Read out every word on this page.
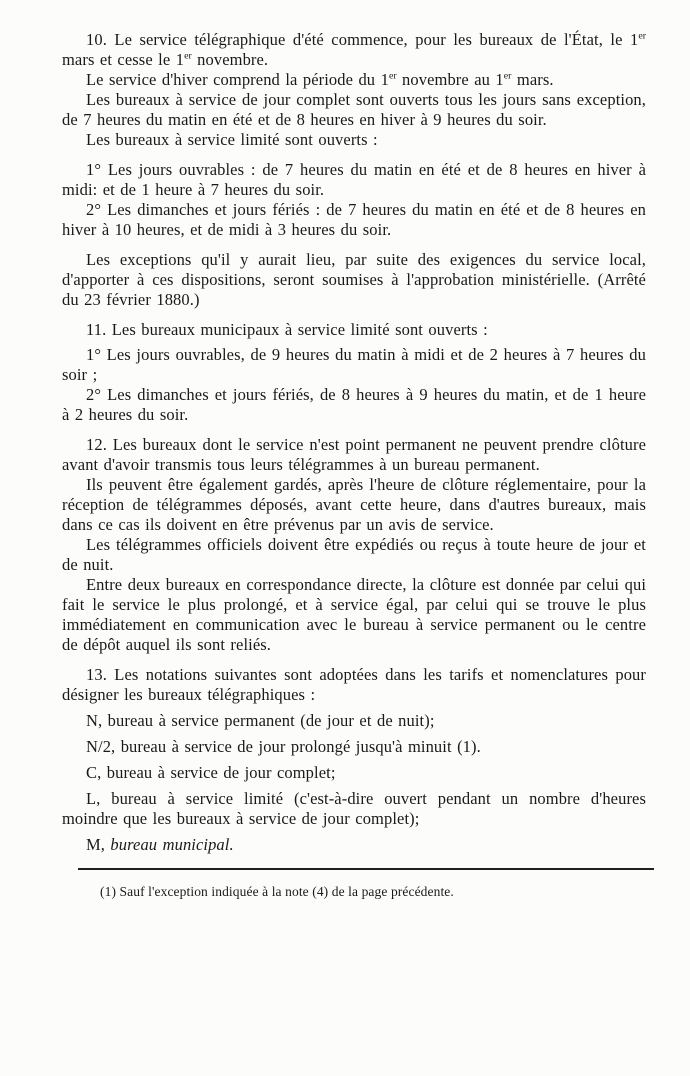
10. Le service télégraphique d'été commence, pour les bureaux de l'État, le 1er mars et cesse le 1er novembre.

Le service d'hiver comprend la période du 1er novembre au 1er mars.

Les bureaux à service de jour complet sont ouverts tous les jours sans exception, de 7 heures du matin en été et de 8 heures en hiver à 9 heures du soir.

Les bureaux à service limité sont ouverts :

1° Les jours ouvrables : de 7 heures du matin en été et de 8 heures en hiver à midi: et de 1 heure à 7 heures du soir.

2° Les dimanches et jours fériés : de 7 heures du matin en été et de 8 heures en hiver à 10 heures, et de midi à 3 heures du soir.

Les exceptions qu'il y aurait lieu, par suite des exigences du service local, d'apporter à ces dispositions, seront soumises à l'approbation ministérielle. (Arrêté du 23 février 1880.)

11. Les bureaux municipaux à service limité sont ouverts :

1° Les jours ouvrables, de 9 heures du matin à midi et de 2 heures à 7 heures du soir ;

2° Les dimanches et jours fériés, de 8 heures à 9 heures du matin, et de 1 heure à 2 heures du soir.

12. Les bureaux dont le service n'est point permanent ne peuvent prendre clôture avant d'avoir transmis tous leurs télégrammes à un bureau permanent.

Ils peuvent être également gardés, après l'heure de clôture réglementaire, pour la réception de télégrammes déposés, avant cette heure, dans d'autres bureaux, mais dans ce cas ils doivent en être prévenus par un avis de service.

Les télégrammes officiels doivent être expédiés ou reçus à toute heure de jour et de nuit.

Entre deux bureaux en correspondance directe, la clôture est donnée par celui qui fait le service le plus prolongé, et à service égal, par celui qui se trouve le plus immédiatement en communication avec le bureau à service permanent ou le centre de dépôt auquel ils sont reliés.

13. Les notations suivantes sont adoptées dans les tarifs et nomenclatures pour désigner les bureaux télégraphiques :

N, bureau à service permanent (de jour et de nuit);

N/2, bureau à service de jour prolongé jusqu'à minuit (1).

C, bureau à service de jour complet;

L, bureau à service limité (c'est-à-dire ouvert pendant un nombre d'heures moindre que les bureaux à service de jour complet);

M, bureau municipal.

(1) Sauf l'exception indiquée à la note (4) de la page précédente.
